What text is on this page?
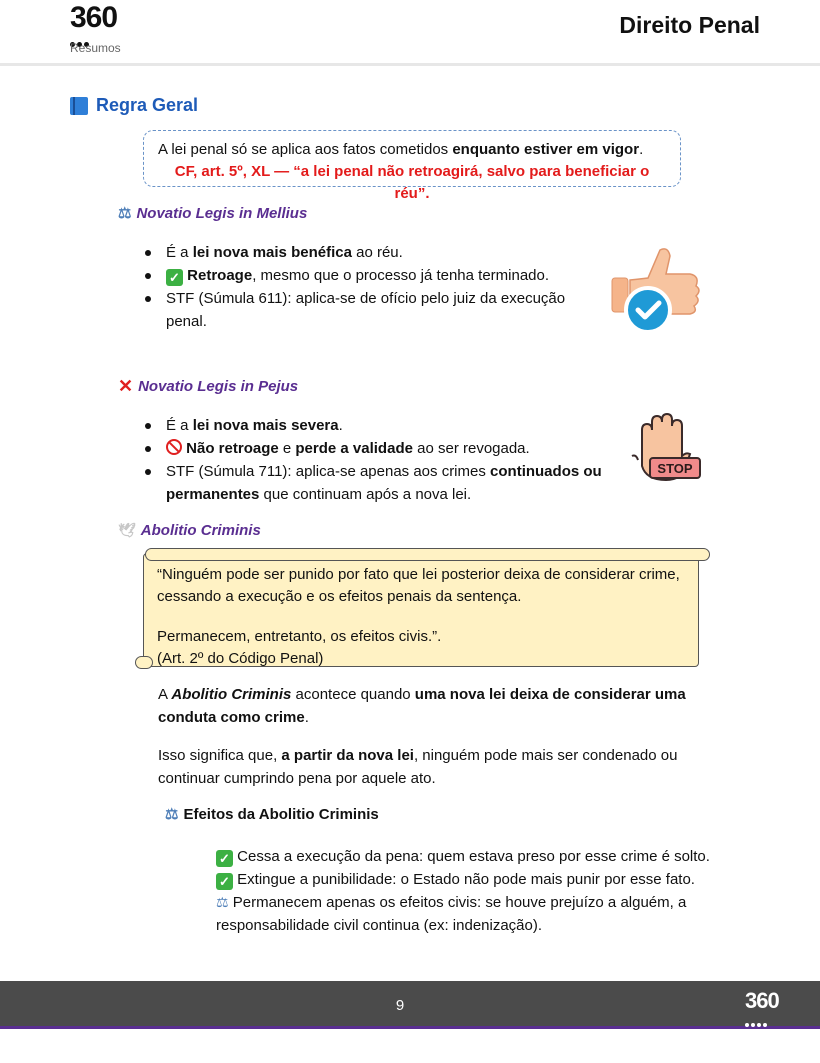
360
Resumos
Direito Penal
Regra Geral
A lei penal só se aplica aos fatos cometidos enquanto estiver em vigor.
CF, art. 5º, XL — “a lei penal não retroagirá, salvo para beneficiar o réu”.
⚖ Novatio Legis in Mellius
É a lei nova mais benéfica ao réu.
✓ Retroage, mesmo que o processo já tenha terminado.
STF (Súmula 611): aplica-se de ofício pelo juiz da execução penal.
✕ Novatio Legis in Pejus
É a lei nova mais severa.
Não retroage e perde a validade ao ser revogada.
STF (Súmula 711): aplica-se apenas aos crimes continuados ou permanentes que continuam após a nova lei.
STOP
🕊 Abolitio Criminis

“Ninguém pode ser punido por fato que lei posterior deixa de considerar crime, cessando a execução e os efeitos penais da sentença.

Permanecem, entretanto, os efeitos civis.”.

(Art. 2º do Código Penal)

A Abolitio Criminis acontece quando uma nova lei deixa de considerar uma conduta como crime.
Isso significa que, a partir da nova lei, ninguém pode mais ser condenado ou continuar cumprindo pena por aquele ato.
⚖ Efeitos da Abolitio Criminis
✓ Cessa a execução da pena: quem estava preso por esse crime é solto.
✓ Extingue a punibilidade: o Estado não pode mais punir por esse fato.
⚖ Permanecem apenas os efeitos civis: se houve prejuízo a alguém, a responsabilidade civil continua (ex: indenização).
9	360
